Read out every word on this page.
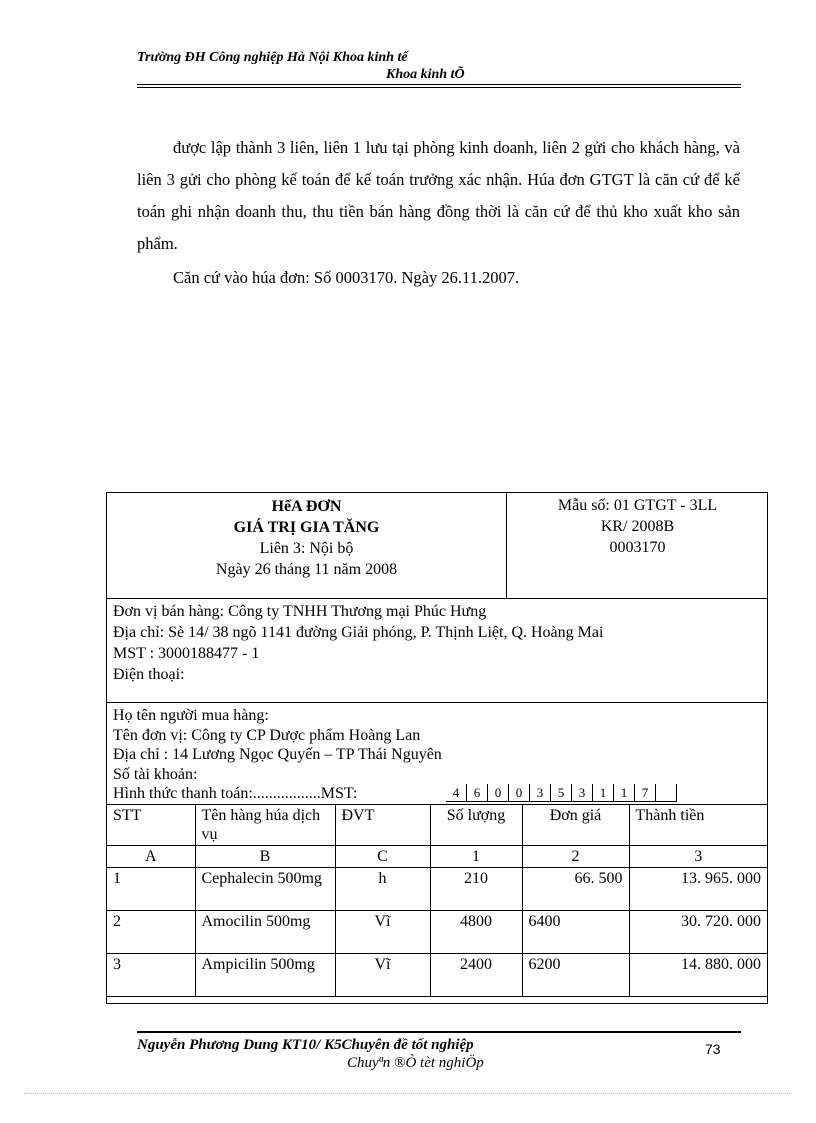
Trường ĐH Công nghiệp Hà Nội Khoa kinh tế
Khoa kinh tÕ

được lập thành 3 liên, liên 1 lưu tại phòng kinh doanh, liên 2 gửi cho khách hàng, và liên 3 gửi cho phòng kế toán để kế toán trưởng xác nhận. Húa đơn GTGT là căn cứ để kế toán ghi nhận doanh thu, thu tiền bán hàng đồng thời là căn cứ để thủ kho xuất kho sản phẩm.

Căn cứ vào húa đơn: Số 0003170. Ngày 26.11.2007.

HểA ĐƠN
GIÁ TRỊ GIA TĂNG
Liên 3: Nội bộ
Ngày 26 tháng 11 năm 2008
Mẫu số: 01 GTGT - 3LL
KR/ 2008B
0003170
Đơn vị bán hàng: Công ty TNHH Thương mại Phúc Hưng
Địa chỉ: Sè 14/ 38 ngõ 1141 đường Giải phóng, P. Thịnh Liệt, Q. Hoàng Mai
MST : 3000188477 - 1
Điện thoại:
Họ tên người mua hàng:
Tên đơn vị: Công ty CP Dược phẩm Hoàng Lan
Địa chỉ : 14 Lương Ngọc Quyến – TP Thái Nguyên
Số tài khoản:
Hình thức thanh toán:.................MST:	4	6	0	0	3	5	3	1	1	7
STT	Tên hàng húa dịch vụ	ĐVT	Số lượng	Đơn giá	Thành tiền
A	B	C	1	2	3
1	Cephalecin 500mg	h	210	66. 500	13. 965. 000
2	Amocilin 500mg	Vĩ	4800	6400	30. 720. 000
3	Ampicilin 500mg	Vĩ	2400	6200	14. 880. 000
Nguyễn Phương Dung KT10/ K5Chuyên đề tốt nghiệp
Chuyªn ®Ò tèt nghiÖp
73
